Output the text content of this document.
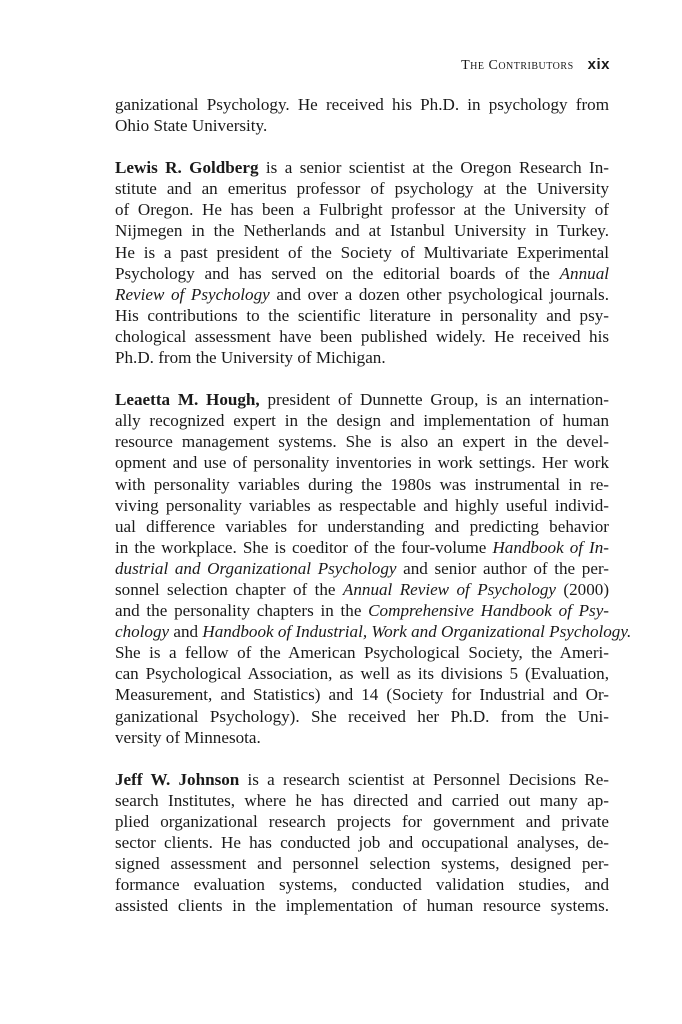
The Contributors xix

ganizational Psychology. He received his Ph.D. in psychology from
Ohio State University.

Lewis R. Goldberg is a senior scientist at the Oregon Research In-
stitute and an emeritus professor of psychology at the University
of Oregon. He has been a Fulbright professor at the University of
Nijmegen in the Netherlands and at Istanbul University in Turkey.
He is a past president of the Society of Multivariate Experimental
Psychology and has served on the editorial boards of the Annual
Review of Psychology and over a dozen other psychological journals.
His contributions to the scientific literature in personality and psy-
chological assessment have been published widely. He received his
Ph.D. from the University of Michigan.

Leaetta M. Hough, president of Dunnette Group, is an internation-
ally recognized expert in the design and implementation of human
resource management systems. She is also an expert in the devel-
opment and use of personality inventories in work settings. Her work
with personality variables during the 1980s was instrumental in re-
viving personality variables as respectable and highly useful individ-
ual difference variables for understanding and predicting behavior
in the workplace. She is coeditor of the four-volume Handbook of In-
dustrial and Organizational Psychology and senior author of the per-
sonnel selection chapter of the Annual Review of Psychology (2000)
and the personality chapters in the Comprehensive Handbook of Psy-
chology and Handbook of Industrial, Work and Organizational Psychology.
She is a fellow of the American Psychological Society, the Ameri-
can Psychological Association, as well as its divisions 5 (Evaluation,
Measurement, and Statistics) and 14 (Society for Industrial and Or-
ganizational Psychology). She received her Ph.D. from the Uni-
versity of Minnesota.

Jeff W. Johnson is a research scientist at Personnel Decisions Re-
search Institutes, where he has directed and carried out many ap-
plied organizational research projects for government and private
sector clients. He has conducted job and occupational analyses, de-
signed assessment and personnel selection systems, designed per-
formance evaluation systems, conducted validation studies, and
assisted clients in the implementation of human resource systems.
